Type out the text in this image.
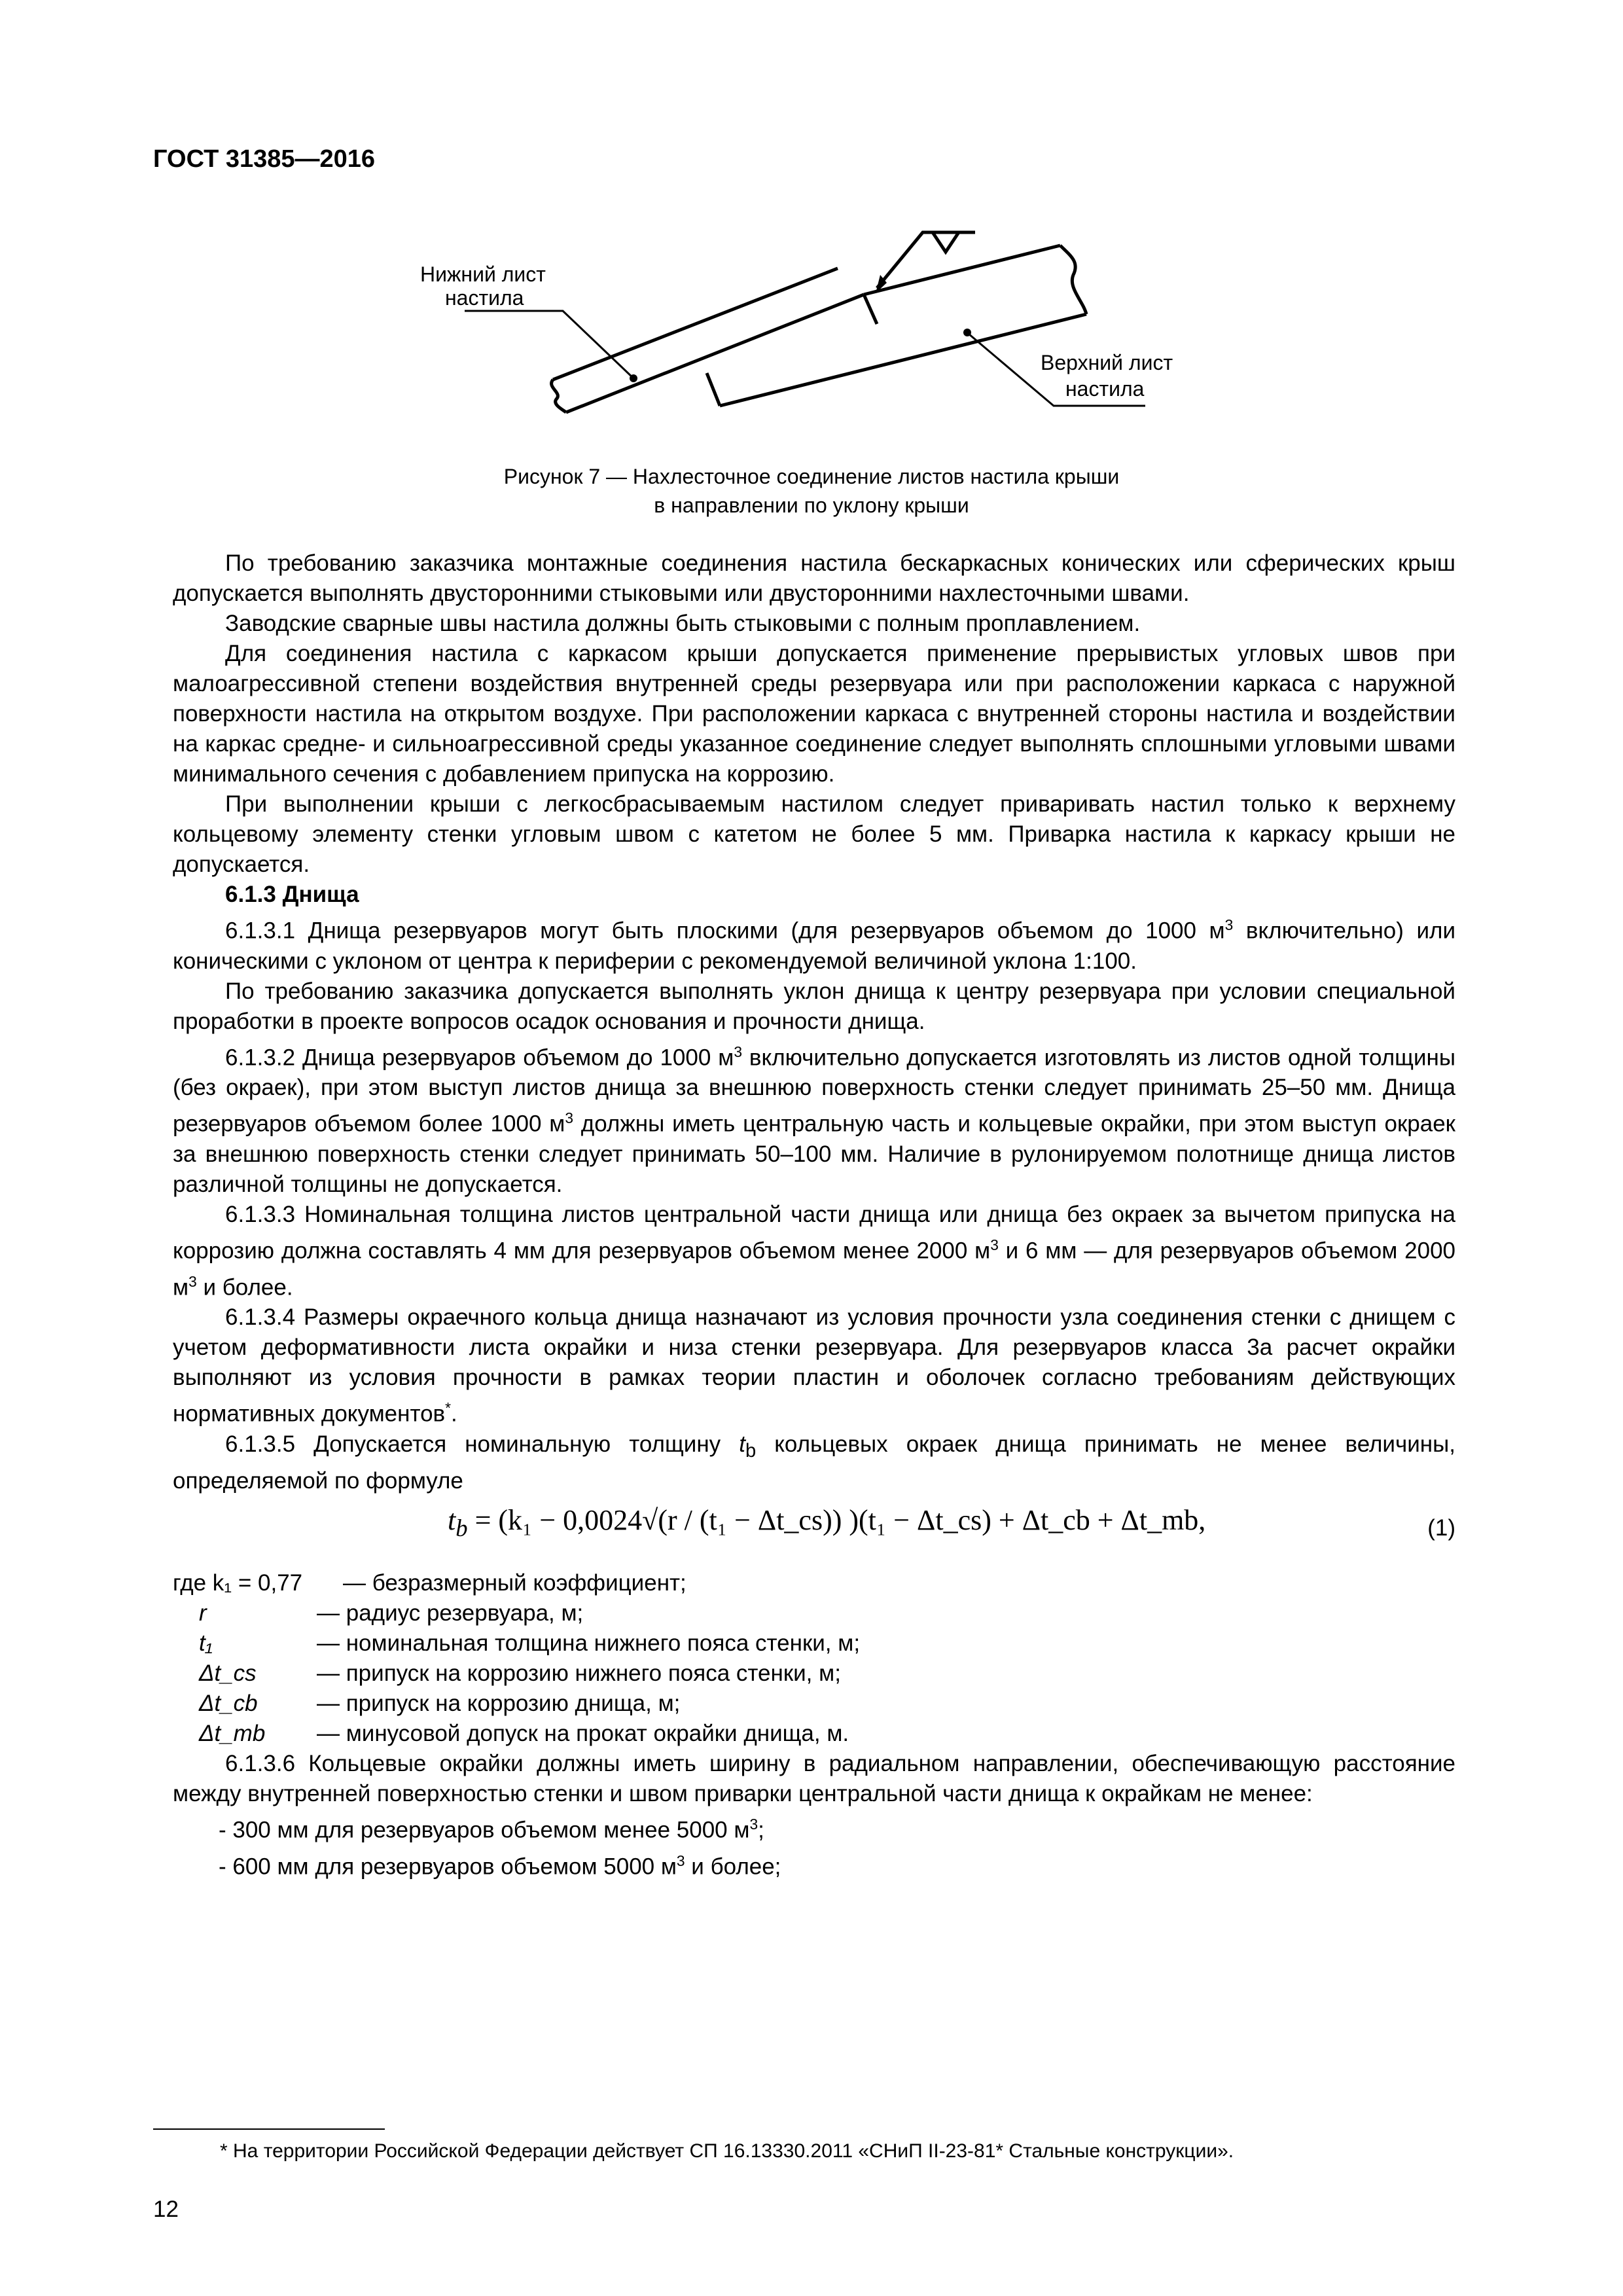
ГОСТ 31385—2016
Нижний лист
настила
Верхний лист
настила
Рисунок 7 — Нахлесточное соединение листов настила крыши
в направлении по уклону крыши

По требованию заказчика монтажные соединения настила бескаркасных конических или сферических крыш допускается выполнять двусторонними стыковыми или двусторонними нахлесточными швами.

Заводские сварные швы настила должны быть стыковыми с полным проплавлением.

Для соединения настила с каркасом крыши допускается применение прерывистых угловых швов при малоагрессивной степени воздействия внутренней среды резервуара или при расположении каркаса с наружной поверхности настила на открытом воздухе. При расположении каркаса с внутренней стороны настила и воздействии на каркас средне- и сильноагрессивной среды указанное соединение следует выполнять сплошными угловыми швами минимального сечения с добавлением припуска на коррозию.

При выполнении крыши с легкосбрасываемым настилом следует приваривать настил только к верхнему кольцевому элементу стенки угловым швом с катетом не более 5 мм. Приварка настила к каркасу крыши не допускается.

6.1.3 Днища

6.1.3.1 Днища резервуаров могут быть плоскими (для резервуаров объемом до 1000 $м^3$ включительно) или коническими с уклоном от центра к периферии с рекомендуемой величиной уклона 1:100.

По требованию заказчика допускается выполнять уклон днища к центру резервуара при условии специальной проработки в проекте вопросов осадок основания и прочности днища.

6.1.3.2 Днища резервуаров объемом до 1000 $м^3$ включительно допускается изготовлять из листов одной толщины (без окраек), при этом выступ листов днища за внешнюю поверхность стенки следует принимать 25–50 мм. Днища резервуаров объемом более 1000 $м^3$ должны иметь центральную часть и кольцевые окрайки, при этом выступ окраек за внешнюю поверхность стенки следует принимать 50–100 мм. Наличие в рулонируемом полотнище днища листов различной толщины не допускается.

6.1.3.3 Номинальная толщина листов центральной части днища или днища без окраек за вычетом припуска на коррозию должна составлять 4 мм для резервуаров объемом менее 2000 $м^3$ и 6 мм — для резервуаров объемом 2000 $м^3$ и более.

6.1.3.4 Размеры окраечного кольца днища назначают из условия прочности узла соединения стенки с днищем с учетом деформативности листа окрайки и низа стенки резервуара. Для резервуаров класса 3а расчет окрайки выполняют из условия прочности в рамках теории пластин и оболочек согласно требованиям действующих нормативных документов*.

6.1.3.5 Допускается номинальную толщину $t_b$ кольцевых окраек днища принимать не менее величины, определяемой по формуле

$t_b = (k_1 - 0,0024√(r / (t_1$ − Δt_cs)) )(t₁ − Δt_cs) + Δt_cb + Δt_mb,	(1)
где k₁ = 0,77	— безразмерный коэффициент;
r	— радиус резервуара, м;
t₁	— номинальная толщина нижнего пояса стенки, м;
Δt_cs	— припуск на коррозию нижнего пояса стенки, м;
Δt_cb	— припуск на коррозию днища, м;
Δt_mb	— минусовой допуск на прокат окрайки днища, м.

6.1.3.6 Кольцевые окрайки должны иметь ширину в радиальном направлении, обеспечивающую расстояние между внутренней поверхностью стенки и швом приварки центральной части днища к окрайкам не менее:

- 300 мм для резервуаров объемом менее 5000 $м^3$;
- 600 мм для резервуаров объемом 5000 $м^3$ и более;
* На территории Российской Федерации действует СП 16.13330.2011 «СНиП II-23-81* Стальные конструкции».
12
